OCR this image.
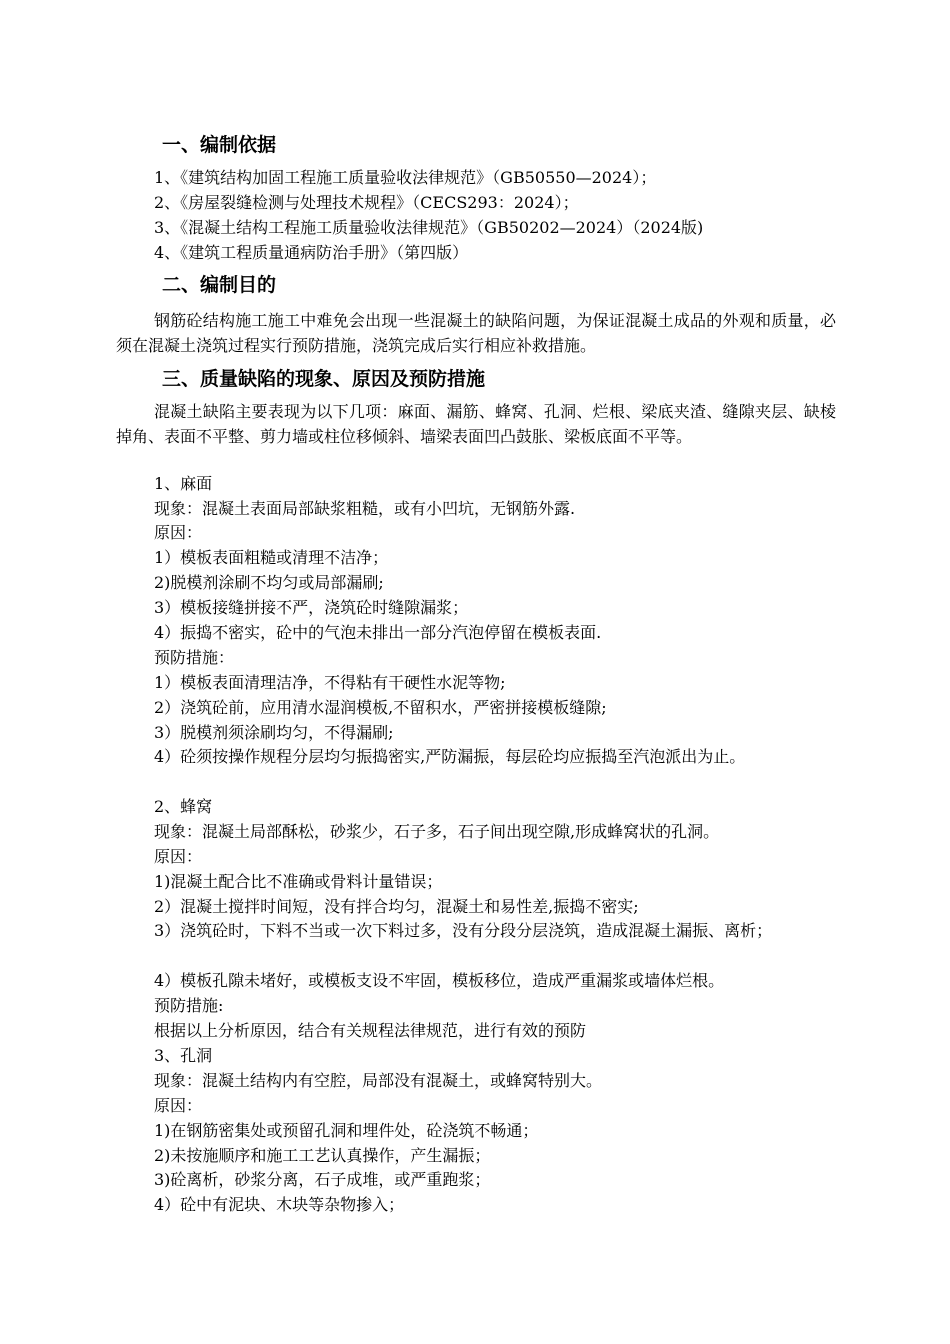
一、编制依据
1、《建筑结构加固工程施工质量验收法律规范》（GB50550—2024）；
2、《房屋裂缝检测与处理技术规程》（CECS293：2024）；
3、《混凝土结构工程施工质量验收法律规范》（GB50202—2024）（2024版)
4、《建筑工程质量通病防治手册》（第四版）
二、编制目的
钢筋砼结构施工施工中难免会出现一些混凝土的缺陷问题，为保证混凝土成品的外观和质量，必须在混凝土浇筑过程实行预防措施，浇筑完成后实行相应补救措施。
三、质量缺陷的现象、原因及预防措施
混凝土缺陷主要表现为以下几项：麻面、漏筋、蜂窝、孔洞、烂根、梁底夹渣、缝隙夹层、缺棱掉角、表面不平整、剪力墙或柱位移倾斜、墙梁表面凹凸鼓胀、梁板底面不平等。
1、麻面
现象：混凝土表面局部缺浆粗糙，或有小凹坑，无钢筋外露.
原因：
1）模板表面粗糙或清理不洁净；
2)脱模剂涂刷不均匀或局部漏刷;
3）模板接缝拼接不严，浇筑砼时缝隙漏浆；
4）振捣不密实，砼中的气泡未排出一部分汽泡停留在模板表面.
预防措施：
1）模板表面清理洁净，不得粘有干硬性水泥等物;
2）浇筑砼前，应用清水湿润模板,不留积水，严密拼接模板缝隙;
3）脱模剂须涂刷均匀，不得漏刷;
4）砼须按操作规程分层均匀振捣密实,严防漏振，每层砼均应振捣至汽泡派出为止。
2、蜂窝
现象：混凝土局部酥松，砂浆少，石子多，石子间出现空隙,形成蜂窝状的孔洞。
原因：
1)混凝土配合比不准确或骨料计量错误；
2）混凝土搅拌时间短，没有拌合均匀，混凝土和易性差,振捣不密实;
3）浇筑砼时，下料不当或一次下料过多，没有分段分层浇筑，造成混凝土漏振、离析；
4）模板孔隙未堵好，或模板支设不牢固，模板移位，造成严重漏浆或墙体烂根。
预防措施:
根据以上分析原因，结合有关规程法律规范，进行有效的预防
3、孔洞
现象：混凝土结构内有空腔，局部没有混凝土，或蜂窝特别大。
原因：
1)在钢筋密集处或预留孔洞和埋件处，砼浇筑不畅通；
2)未按施顺序和施工工艺认真操作，产生漏振；
3)砼离析，砂浆分离，石子成堆，或严重跑浆；
4）砼中有泥块、木块等杂物掺入；
